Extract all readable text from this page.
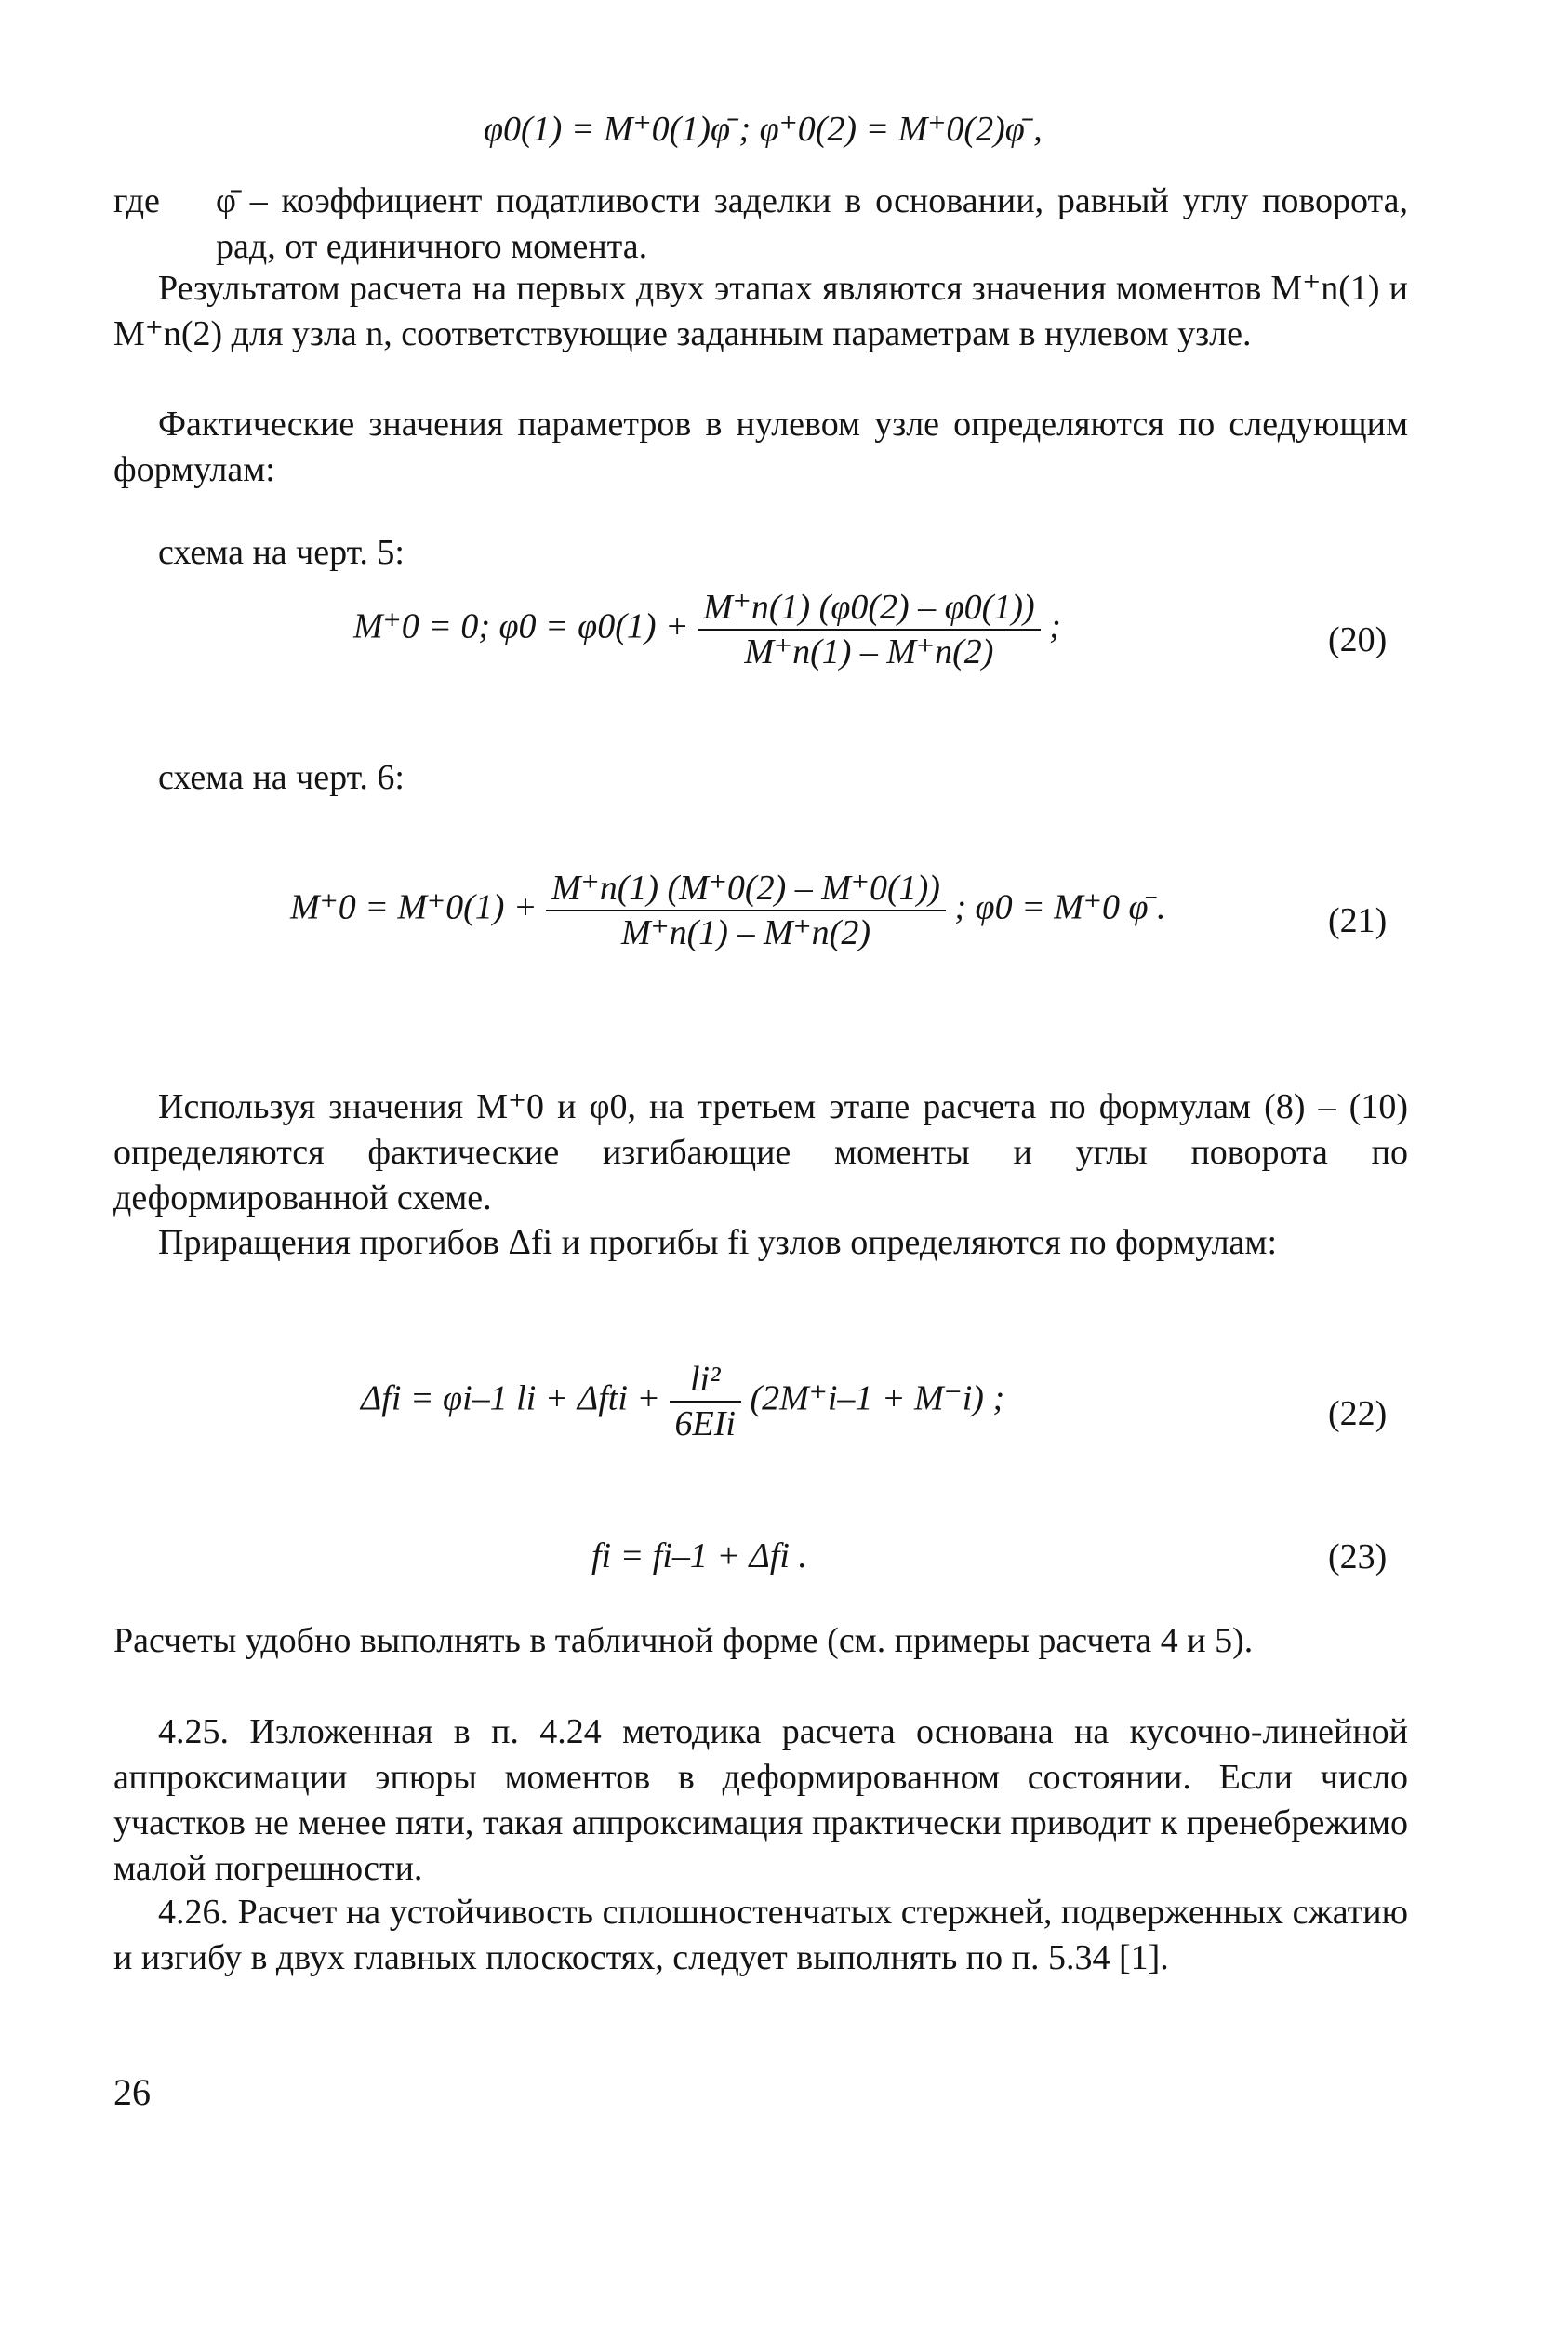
φ0(1) = M⁺0(1)φ̄ ; φ⁺0(2) = M⁺0(2)φ̄ ,
где φ̄ – коэффициент податливости заделки в основании, равный углу поворота, рад, от единичного момента.

Результатом расчета на первых двух этапах являются значения моментов M⁺n(1) и M⁺n(2) для узла n, соответствующие заданным параметрам в нулевом узле.

Фактические значения параметров в нулевом узле определяются по следующим формулам:

схема на черт. 5:
M⁺0 = 0; $\varphi 0 = \varphi 0(1) + \frac{M^+n(1) (\varphi 0(2) - \varphi 0(1))}{M^+n(1) - M^+n(2)}$ ;	(20)
схема на черт. 6:
$M^+0 = M^+0(1) + \frac{M^+n(1) (M^+0(2) - M^+0(1))}{M^+n(1) - M^+n(2)}$ ; φ0 = M⁺0 φ̄ .	(21)

Используя значения M⁺0 и φ0, на третьем этапе расчета по формулам (8) – (10) определяются фактические изгибающие моменты и углы поворота по деформированной схеме.

Приращения прогибов Δfi и прогибы fi узлов определяются по формулам:

Δfi = φi–1 li + $\Delta fti + \frac{\text{li²}}{\text{6EIi}} (2M^+i-1 + M^-i)$ ;	(22)
fi = fi–1 + Δfi .	(23)

Расчеты удобно выполнять в табличной форме (см. примеры расчета 4 и 5).

4.25. Изложенная в п. 4.24 методика расчета основана на кусочно-линейной аппроксимации эпюры моментов в деформированном состоянии. Если число участков не менее пяти, такая аппроксимация практически приводит к пренебрежимо малой погрешности.

4.26. Расчет на устойчивость сплошностенчатых стержней, подверженных сжатию и изгибу в двух главных плоскостях, следует выполнять по п. 5.34 [1].

26
